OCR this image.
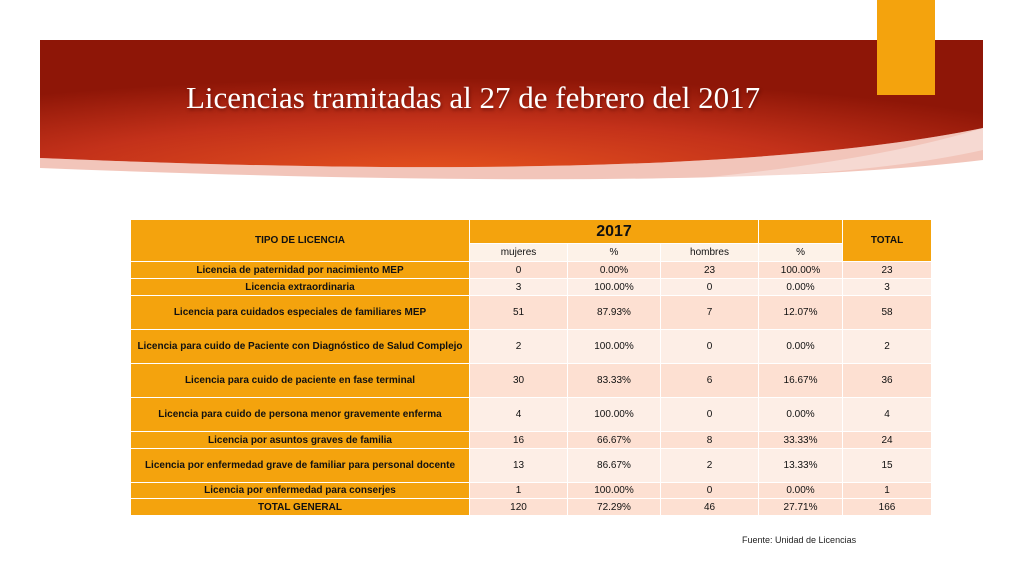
Licencias tramitadas al 27 de febrero del 2017
TIPO DE LICENCIA	2017				TOTAL
	mujeres	%	hombres	%	
Licencia de paternidad por nacimiento MEP	0	0.00%	23	100.00%	23
Licencia extraordinaria	3	100.00%	0	0.00%	3
Licencia para cuidados especiales de familiares MEP	51	87.93%	7	12.07%	58
Licencia para cuido de Paciente con Diagnóstico de Salud Complejo	2	100.00%	0	0.00%	2
Licencia para cuido de paciente en fase terminal	30	83.33%	6	16.67%	36
Licencia para cuido de persona menor gravemente enferma	4	100.00%	0	0.00%	4
Licencia por asuntos graves de familia	16	66.67%	8	33.33%	24
Licencia por enfermedad grave de familiar para personal docente	13	86.67%	2	13.33%	15
Licencia por enfermedad para conserjes	1	100.00%	0	0.00%	1
TOTAL GENERAL	120	72.29%	46	27.71%	166
Fuente: Unidad de Licencias
